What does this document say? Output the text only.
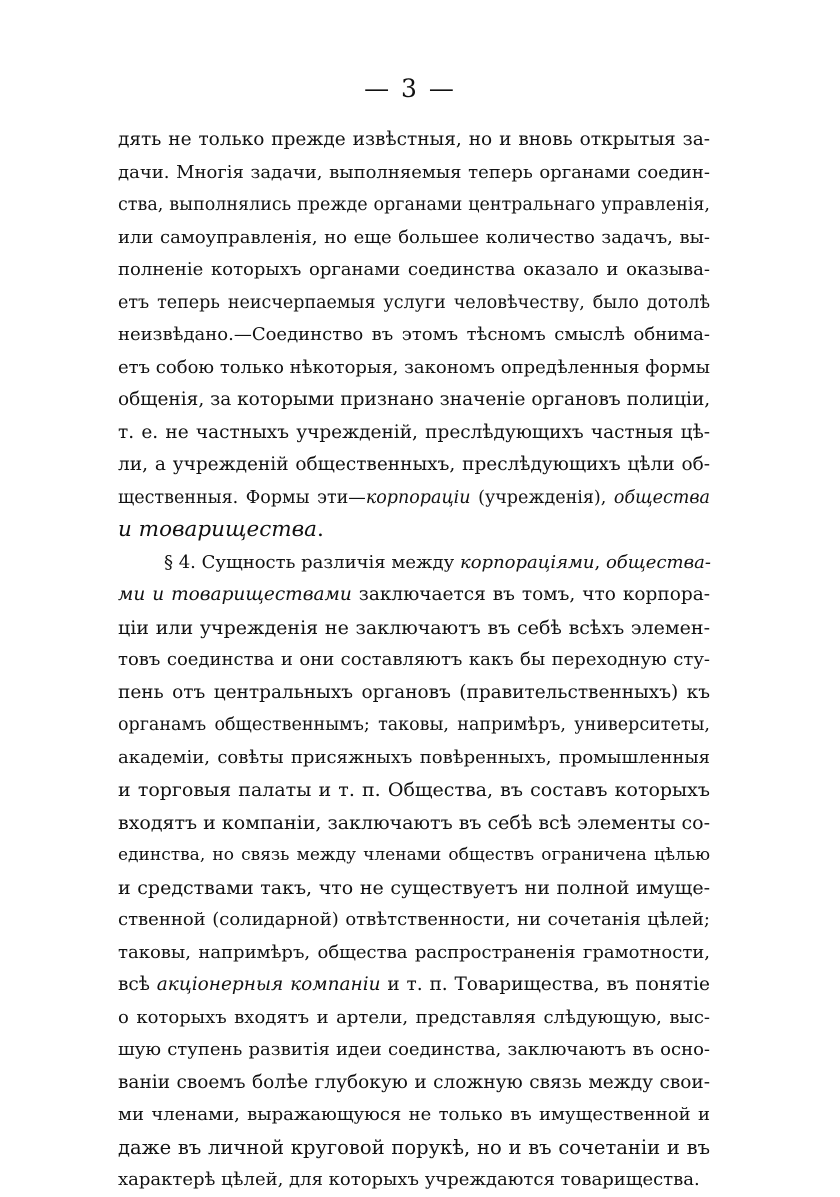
— 3 —
дять не только прежде извѣстныя, но и вновь открытыя за-
дачи. Многія задачи, выполняемыя теперь органами соедин-
ства, выполнялись прежде органами центральнаго управленія,
или самоуправленія, но еще большее количество задачъ, вы-
полненіе которыхъ органами соединства оказало и оказыва-
етъ теперь неисчерпаемыя услуги человѣчеству, было дотолѣ
неизвѣдано.—Соединство въ этомъ тѣсномъ смыслѣ обнима-
етъ собою только нѣкоторыя, закономъ опредѣленныя формы
общенія, за которыми признано значеніе органовъ полиціи,
т. е. не частныхъ учрежденій, преслѣдующихъ частныя цѣ-
ли, а учрежденій общественныхъ, преслѣдующихъ цѣли об-
щественныя. Формы эти—корпораціи (учрежденія), общества
и товарищества.
§ 4. Сущность различія между корпораціями, обществa-
ми и товариществами заключается въ томъ, что корпора-
ціи или учрежденія не заключаютъ въ себѣ всѣхъ элемен-
товъ соединства и они составляютъ какъ бы переходную сту-
пень отъ центральныхъ органовъ (правительственныхъ) къ
органамъ общественнымъ; таковы, напримѣръ, университеты,
академіи, совѣты присяжныхъ повѣренныхъ, промышленныя
и торговыя палаты и т. п. Общества, въ составъ которыхъ
входятъ и компаніи, заключаютъ въ себѣ всѣ элементы со-
единства, но связь между членами обществъ ограничена цѣлью
и средствами такъ, что не существуетъ ни полной имуще-
ственной (солидарной) отвѣтственности, ни сочетанія цѣлей;
таковы, напримѣръ, общества распространенія грамотности,
всѣ акціонерныя компаніи и т. п. Товарищества, въ понятіе
о которыхъ входятъ и артели, представляя слѣдующую, выс-
шую ступень развитія идеи соединства, заключаютъ въ осно-
ваніи своемъ болѣе глубокую и сложную связь между свои-
ми членами, выражающуюся не только въ имущественной и
даже въ личной круговой порукѣ, но и въ сочетаніи и въ
характерѣ цѣлей, для которыхъ учреждаются товарищества.
